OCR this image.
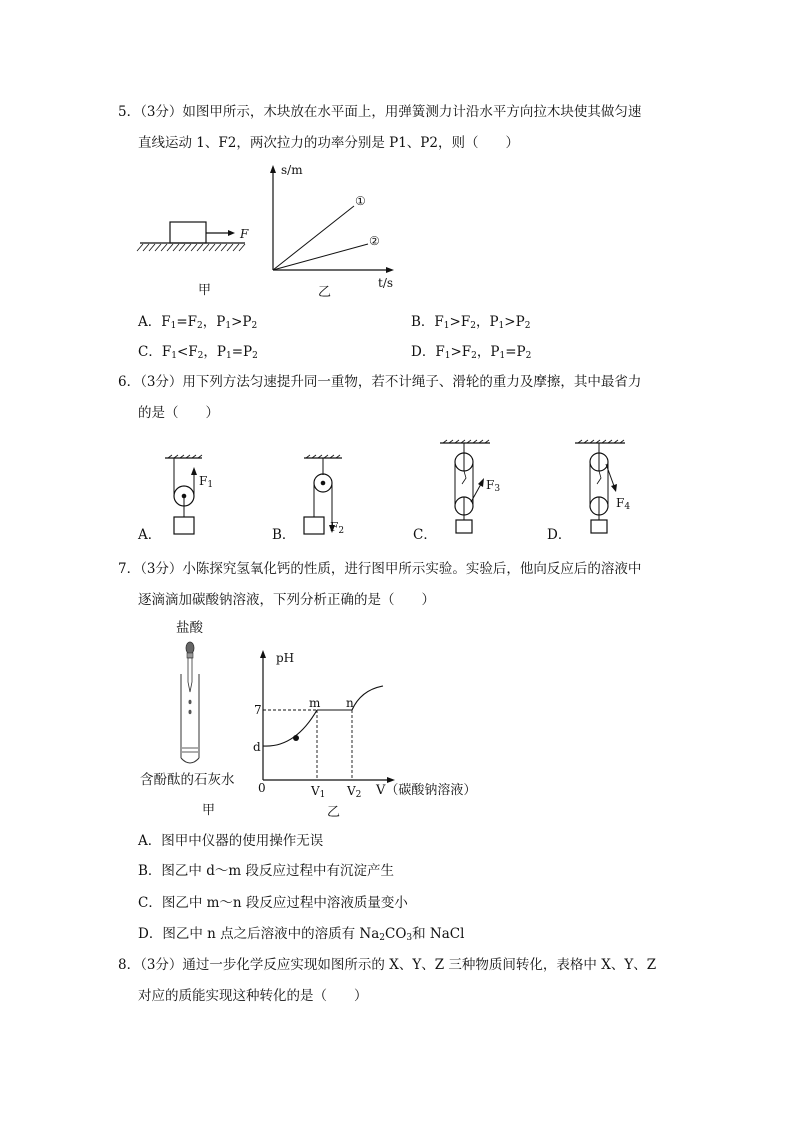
5．（3分）如图甲所示，木块放在水平面上，用弹簧测力计沿水平方向拉木块使其做匀速
直线运动 1、F2，两次拉力的功率分别是 P1、P2，则（　　）
F
甲
s/m
t/s
乙
①
②
A．$F_1=F_2$，$P_1>P_2$	B．$F_1>F_2$，$P_1>P_2$
C．$F_1<F_2$，$P_1=P_2$	D．$F_1>F_2$，$P_1=P_2$
6．（3分）用下列方法匀速提升同一重物，若不计绳子、滑轮的重力及摩擦，其中最省力
的是（　　）
$F_1$
A．	$F_2$
B．
$F_3$
C．
$F_4$
D．
7．（3分）小陈探究氢氧化钙的性质，进行图甲所示实验。实验后，他向反应后的溶液中
逐滴滴加碳酸钠溶液，下列分析正确的是（　　）
盐酸
含酚酞的石灰水
甲
pH
7
d
0
m n
$V_1$ $V_2$ V（碳酸钠溶液）
乙
A．图甲中仪器的使用操作无误
B．图乙中 d～m 段反应过程中有沉淀产生
C．图乙中 m～n 段反应过程中溶液质量变小
D．图乙中 n 点之后溶液中的溶质有 $Na_2CO_3$和 NaCl
8．（3分）通过一步化学反应实现如图所示的 X、Y、Z 三种物质间转化，表格中 X、Y、Z
对应的质能实现这种转化的是（　　）
